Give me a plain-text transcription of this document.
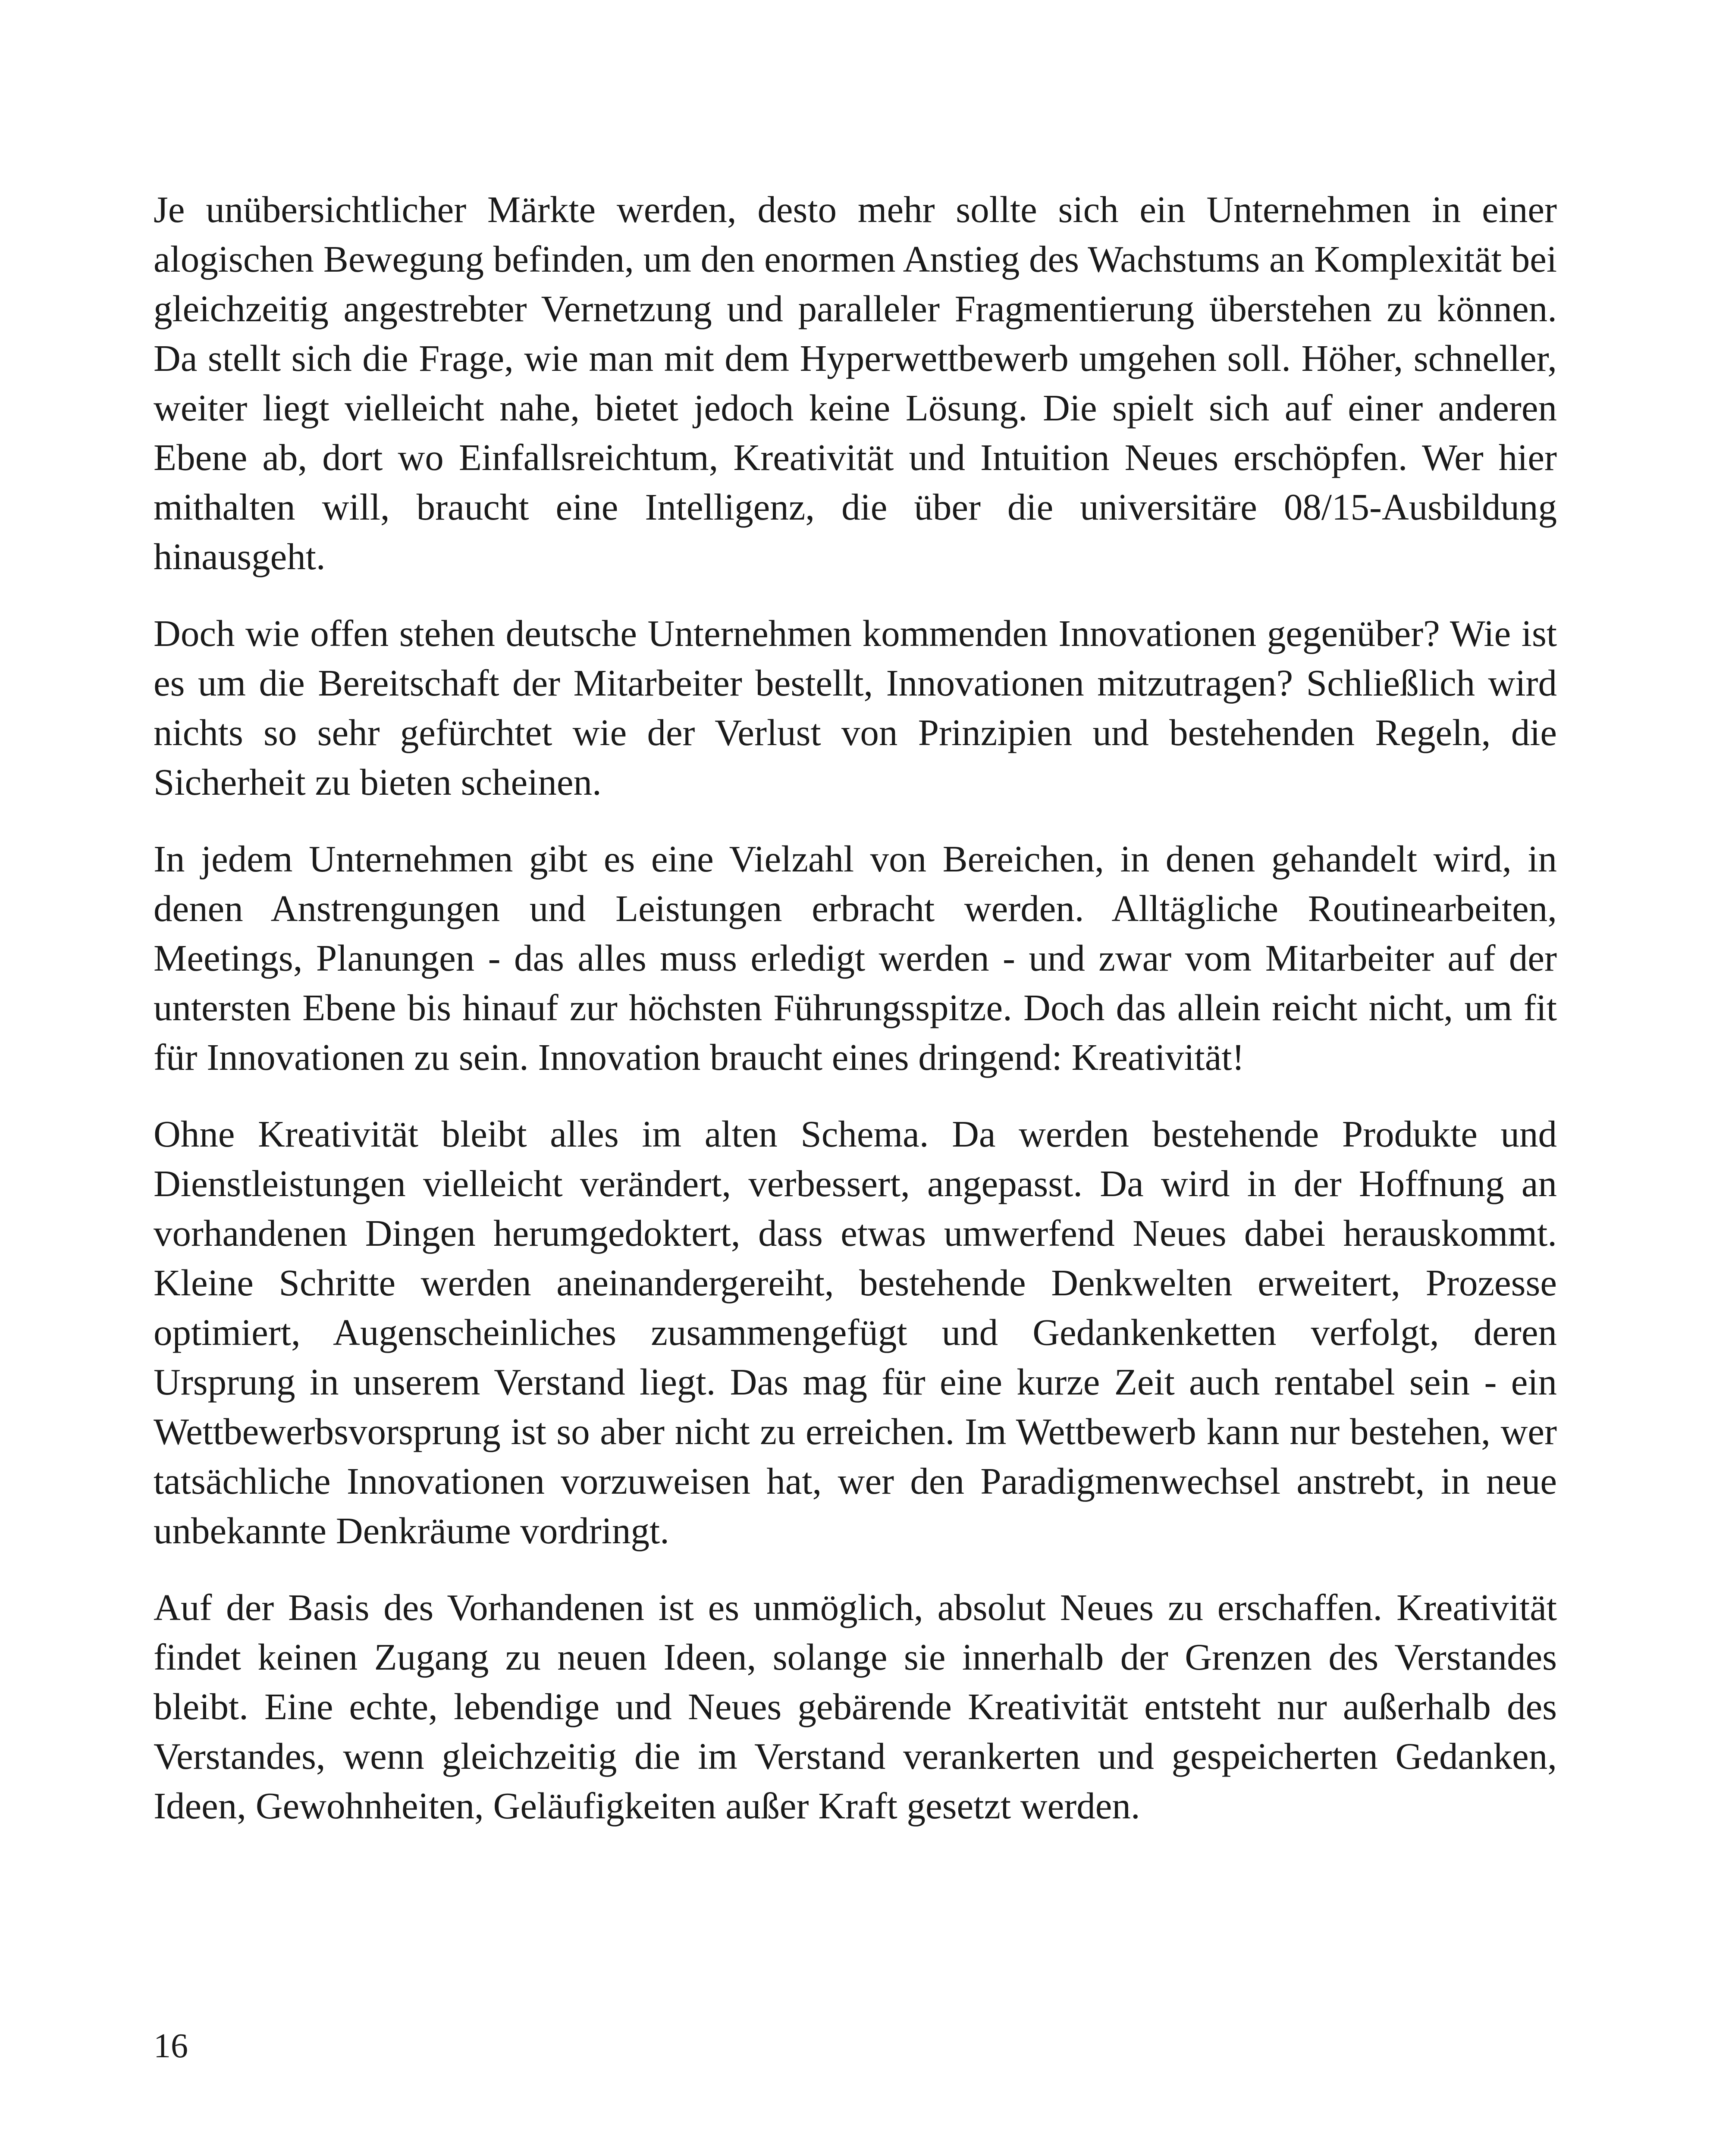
Je unübersichtlicher Märkte werden, desto mehr sollte sich ein Unternehmen in einer alogischen Bewegung befinden, um den enormen Anstieg des Wachstums an Komplexität bei gleichzeitig angestrebter Vernetzung und paralleler Fragmentierung überstehen zu können. Da stellt sich die Frage, wie man mit dem Hyperwettbewerb umgehen soll. Höher, schneller, weiter liegt vielleicht nahe, bietet jedoch keine Lösung. Die spielt sich auf einer anderen Ebene ab, dort wo Einfallsreichtum, Kreativität und Intuition Neues erschöpfen. Wer hier mithalten will, braucht eine Intelligenz, die über die universitäre 08/15-Ausbildung hinausgeht.

Doch wie offen stehen deutsche Unternehmen kommenden Innovationen gegenüber? Wie ist es um die Bereitschaft der Mitarbeiter bestellt, Innovationen mitzutragen? Schließlich wird nichts so sehr gefürchtet wie der Verlust von Prinzipien und bestehenden Regeln, die Sicherheit zu bieten scheinen.

In jedem Unternehmen gibt es eine Vielzahl von Bereichen, in denen gehandelt wird, in denen Anstrengungen und Leistungen erbracht werden. Alltägliche Routinearbeiten, Meetings, Planungen - das alles muss erledigt werden - und zwar vom Mitarbeiter auf der untersten Ebene bis hinauf zur höchsten Führungsspitze. Doch das allein reicht nicht, um fit für Innovationen zu sein. Innovation braucht eines dringend: Kreativität!

Ohne Kreativität bleibt alles im alten Schema. Da werden bestehende Produkte und Dienstleistungen vielleicht verändert, verbessert, angepasst. Da wird in der Hoffnung an vorhandenen Dingen herumgedoktert, dass etwas umwerfend Neues dabei herauskommt. Kleine Schritte werden aneinandergereiht, bestehende Denkwelten erweitert, Prozesse optimiert, Augenscheinliches zusammengefügt und Gedankenketten verfolgt, deren Ursprung in unserem Verstand liegt. Das mag für eine kurze Zeit auch rentabel sein - ein Wettbewerbsvorsprung ist so aber nicht zu erreichen. Im Wettbewerb kann nur bestehen, wer tatsächliche Innovationen vorzuweisen hat, wer den Paradigmenwechsel anstrebt, in neue unbekannte Denkräume vordringt.

Auf der Basis des Vorhandenen ist es unmöglich, absolut Neues zu erschaffen. Kreativität findet keinen Zugang zu neuen Ideen, solange sie innerhalb der Grenzen des Verstandes bleibt. Eine echte, lebendige und Neues gebärende Kreativität entsteht nur außerhalb des Verstandes, wenn gleichzeitig die im Verstand verankerten und gespeicherten Gedanken, Ideen, Gewohnheiten, Geläufigkeiten außer Kraft gesetzt werden.

16
